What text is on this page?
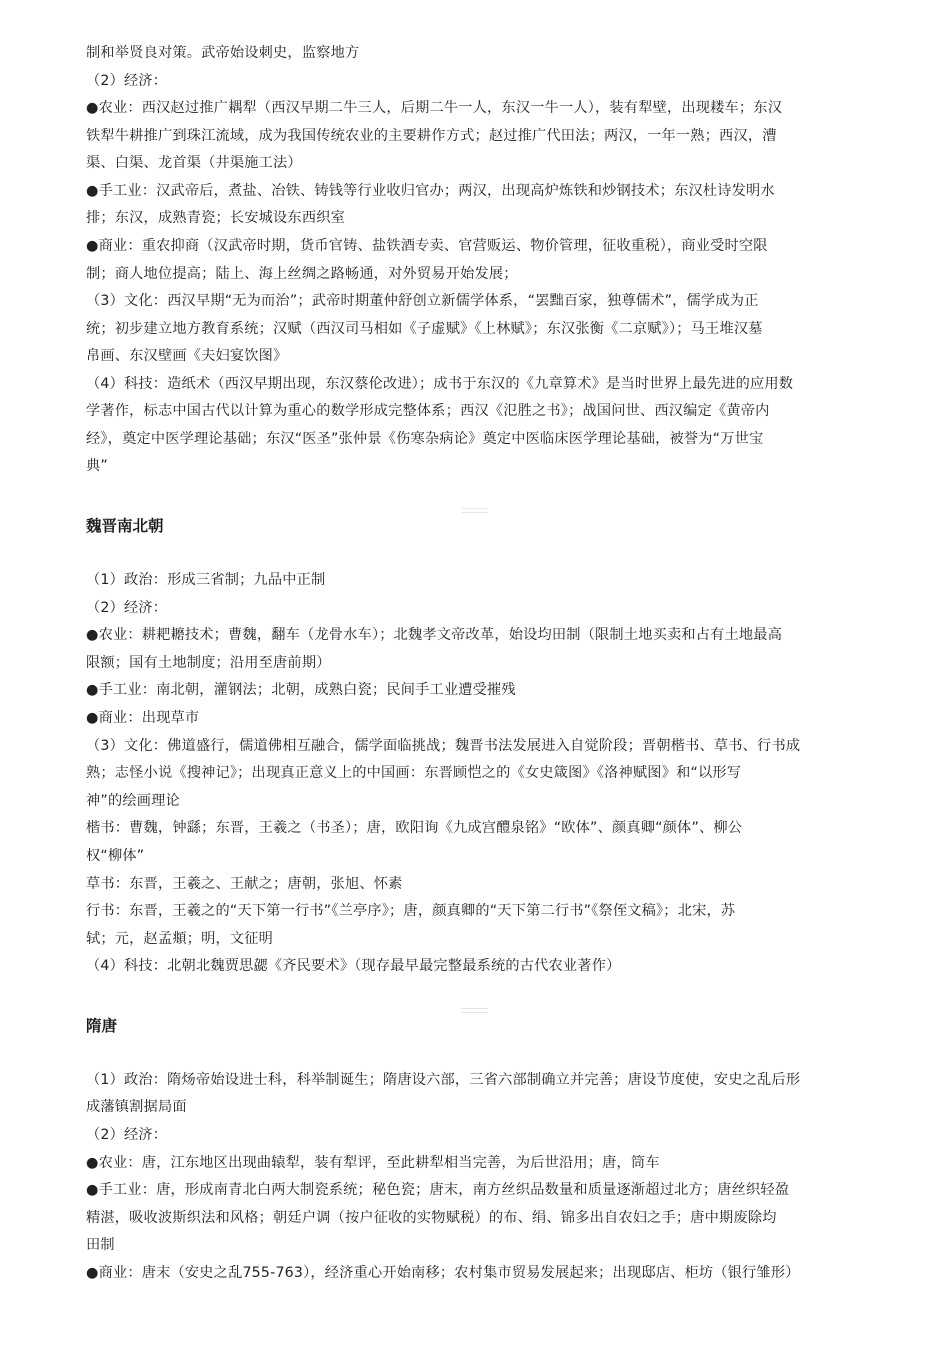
制和举贤良对策。武帝始设刺史，监察地方
（2）经济：
●农业：西汉赵过推广耦犁（西汉早期二牛三人，后期二牛一人，东汉一牛一人），装有犁壁，出现耧车；东汉
铁犁牛耕推广到珠江流域，成为我国传统农业的主要耕作方式；赵过推广代田法；两汉，一年一熟；西汉，漕
渠、白渠、龙首渠（井渠施工法）
●手工业：汉武帝后，煮盐、冶铁、铸钱等行业收归官办；两汉，出现高炉炼铁和炒钢技术；东汉杜诗发明水
排；东汉，成熟青瓷；长安城设东西织室
●商业：重农抑商（汉武帝时期，货币官铸、盐铁酒专卖、官营贩运、物价管理，征收重税），商业受时空限
制；商人地位提高；陆上、海上丝绸之路畅通，对外贸易开始发展；
（3）文化：西汉早期“无为而治”；武帝时期董仲舒创立新儒学体系，“罢黜百家，独尊儒术”，儒学成为正
统；初步建立地方教育系统；汉赋（西汉司马相如《子虚赋》《上林赋》；东汉张衡《二京赋》）；马王堆汉墓
帛画、东汉壁画《夫妇宴饮图》
（4）科技：造纸术（西汉早期出现，东汉蔡伦改进）；成书于东汉的《九章算术》是当时世界上最先进的应用数
学著作，标志中国古代以计算为重心的数学形成完整体系；西汉《氾胜之书》；战国问世、西汉编定《黄帝内
经》，奠定中医学理论基础；东汉“医圣”张仲景《伤寒杂病论》奠定中医临床医学理论基础，被誉为“万世宝
典”
魏晋南北朝
（1）政治：形成三省制；九品中正制
（2）经济：
●农业：耕耙耱技术；曹魏，翻车（龙骨水车）；北魏孝文帝改革，始设均田制（限制土地买卖和占有土地最高
限额；国有土地制度；沿用至唐前期）
●手工业：南北朝，灌钢法；北朝，成熟白瓷；民间手工业遭受摧残
●商业：出现草市
（3）文化：佛道盛行，儒道佛相互融合，儒学面临挑战；魏晋书法发展进入自觉阶段；晋朝楷书、草书、行书成
熟；志怪小说《搜神记》；出现真正意义上的中国画：东晋顾恺之的《女史箴图》《洛神赋图》和“以形写
神”的绘画理论
楷书：曹魏，钟繇；东晋，王羲之（书圣）；唐，欧阳询《九成宫醴泉铭》“欧体”、颜真卿“颜体”、柳公
权“柳体”
草书：东晋，王羲之、王献之；唐朝，张旭、怀素
行书：东晋，王羲之的“天下第一行书”《兰亭序》；唐，颜真卿的“天下第二行书”《祭侄文稿》；北宋，苏
轼；元，赵孟頫；明，文征明
（4）科技：北朝北魏贾思勰《齐民要术》（现存最早最完整最系统的古代农业著作）
隋唐
（1）政治：隋炀帝始设进士科，科举制诞生；隋唐设六部，三省六部制确立并完善；唐设节度使，安史之乱后形
成藩镇割据局面
（2）经济：
●农业：唐，江东地区出现曲辕犁，装有犁评，至此耕犁相当完善，为后世沿用；唐，筒车
●手工业：唐，形成南青北白两大制瓷系统；秘色瓷；唐末，南方丝织品数量和质量逐渐超过北方；唐丝织轻盈
精湛，吸收波斯织法和风格；朝廷户调（按户征收的实物赋税）的布、绢、锦多出自农妇之手；唐中期废除均
田制
●商业：唐末（安史之乱755-763），经济重心开始南移；农村集市贸易发展起来；出现邸店、柜坊（银行雏形）
